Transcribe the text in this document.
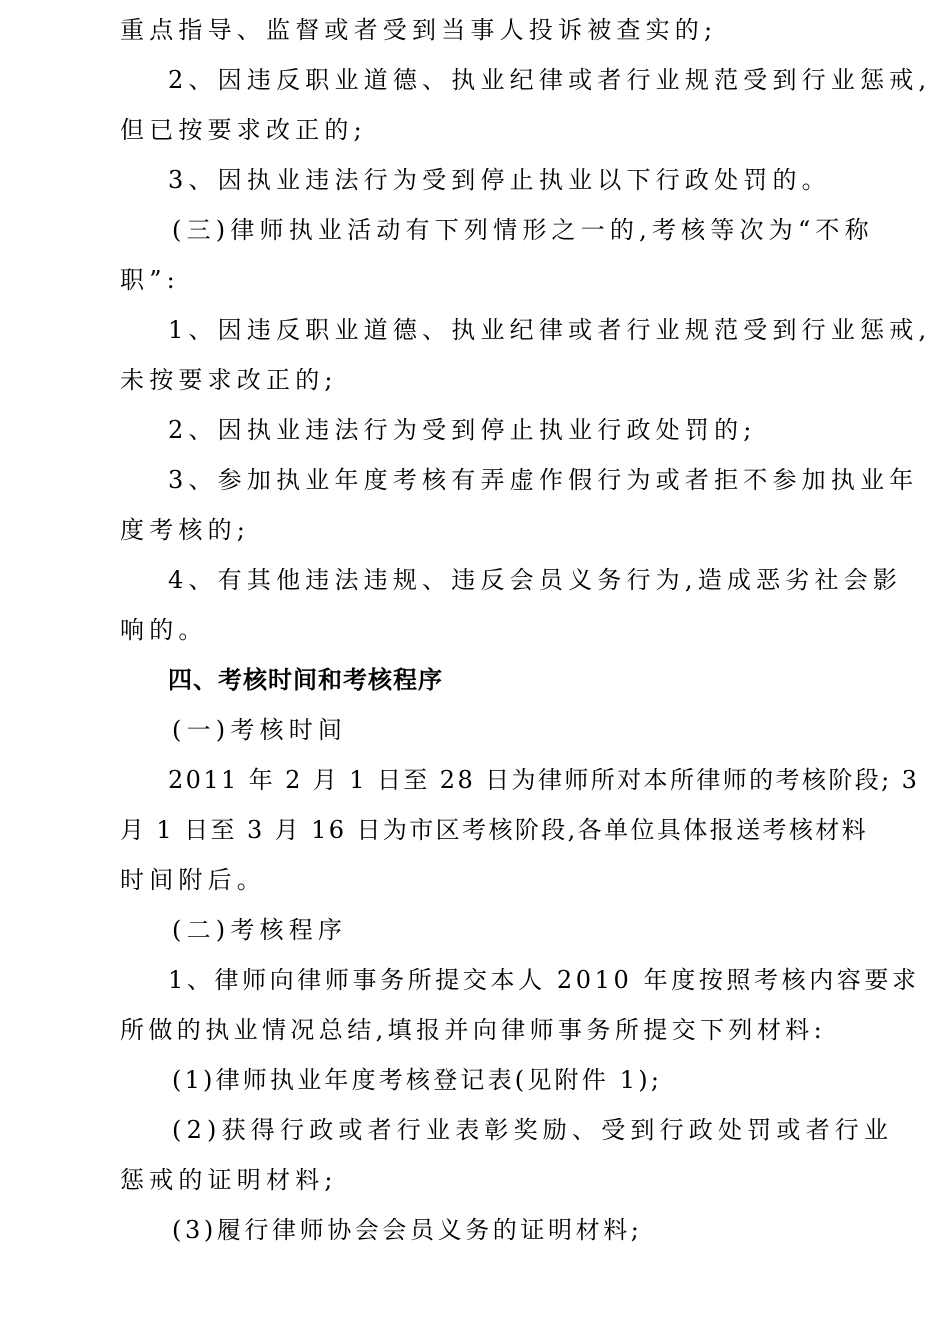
重点指导、监督或者受到当事人投诉被查实的;
2、因违反职业道德、执业纪律或者行业规范受到行业惩戒,
但已按要求改正的;
3、因执业违法行为受到停止执业以下行政处罚的。
(三)律师执业活动有下列情形之一的,考核等次为“不称
职”:
1、因违反职业道德、执业纪律或者行业规范受到行业惩戒,
未按要求改正的;
2、因执业违法行为受到停止执业行政处罚的;
3、参加执业年度考核有弄虚作假行为或者拒不参加执业年
度考核的;
4、有其他违法违规、违反会员义务行为,造成恶劣社会影
响的。
四、考核时间和考核程序
(一)考核时间
2011 年 2 月 1 日至 28 日为律师所对本所律师的考核阶段; 3
月 1 日至 3 月 16 日为市区考核阶段,各单位具体报送考核材料
时间附后。
(二)考核程序
1、律师向律师事务所提交本人 2010 年度按照考核内容要求
所做的执业情况总结,填报并向律师事务所提交下列材料:
(1)律师执业年度考核登记表(见附件 1);
(2)获得行政或者行业表彰奖励、受到行政处罚或者行业
惩戒的证明材料;
(3)履行律师协会会员义务的证明材料;
